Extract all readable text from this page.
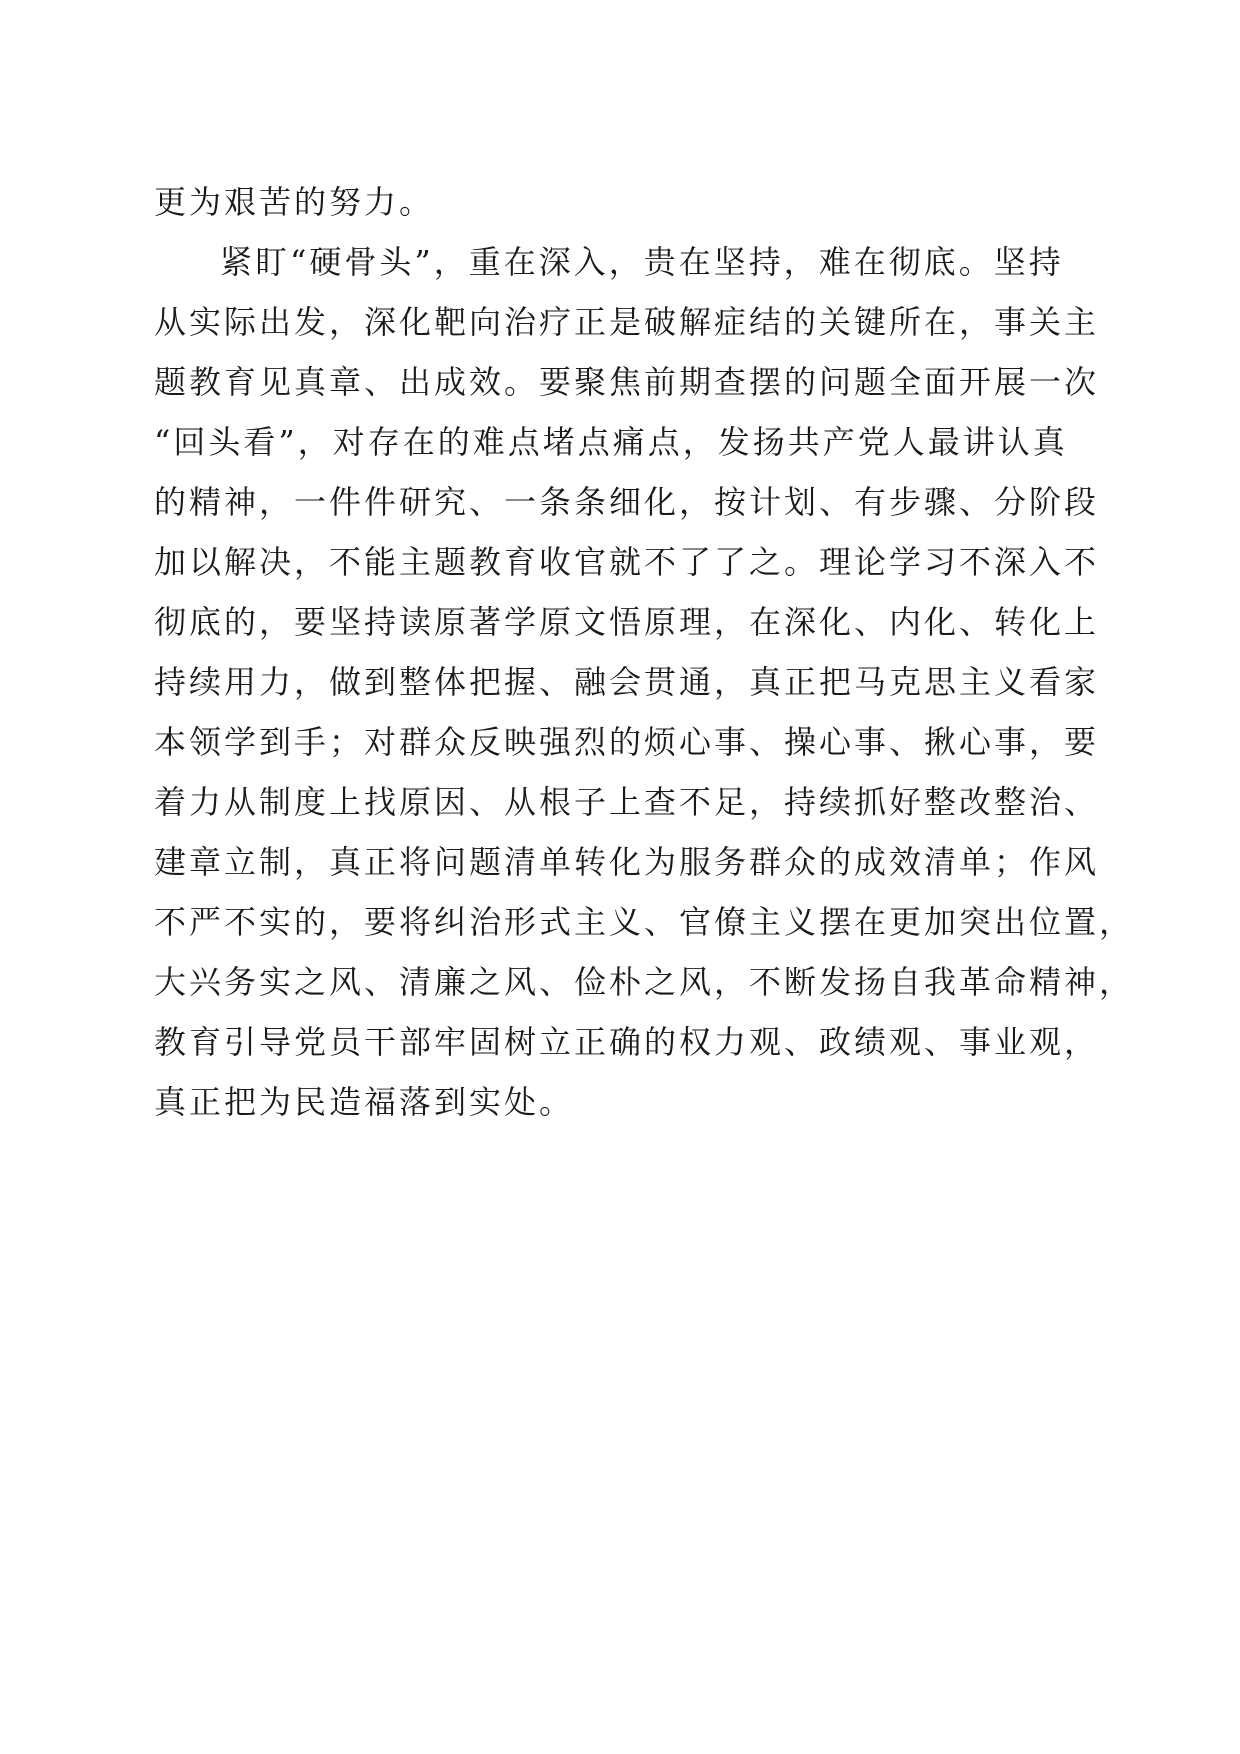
更为艰苦的努力。
紧盯“硬骨头”，重在深入，贵在坚持，难在彻底。坚持
从实际出发，深化靶向治疗正是破解症结的关键所在，事关主
题教育见真章、出成效。要聚焦前期查摆的问题全面开展一次
“回头看”，对存在的难点堵点痛点，发扬共产党人最讲认真
的精神，一件件研究、一条条细化，按计划、有步骤、分阶段
加以解决，不能主题教育收官就不了了之。理论学习不深入不
彻底的，要坚持读原著学原文悟原理，在深化、内化、转化上
持续用力，做到整体把握、融会贯通，真正把马克思主义看家
本领学到手；对群众反映强烈的烦心事、操心事、揪心事，要
着力从制度上找原因、从根子上查不足，持续抓好整改整治、
建章立制，真正将问题清单转化为服务群众的成效清单；作风
不严不实的，要将纠治形式主义、官僚主义摆在更加突出位置，
大兴务实之风、清廉之风、俭朴之风，不断发扬自我革命精神，
教育引导党员干部牢固树立正确的权力观、政绩观、事业观，
真正把为民造福落到实处。
